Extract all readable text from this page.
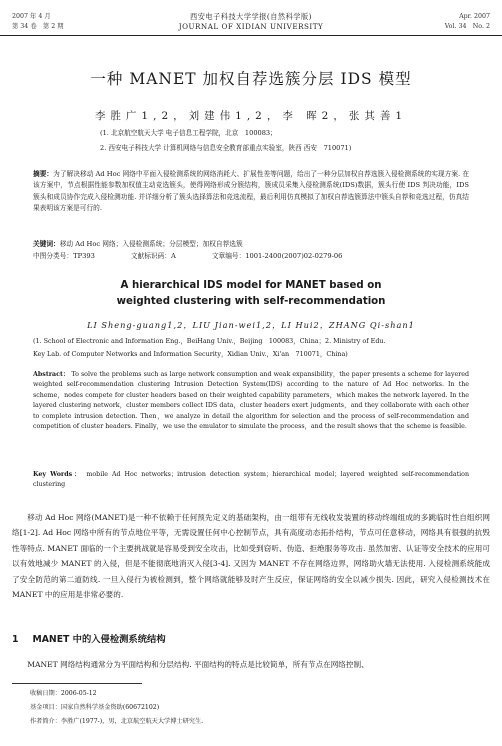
2007 年 4 月
第 34 卷　第 2 期
西安电子科技大学学报(自然科学版)
JOURNAL OF XIDIAN UNIVERSITY
Apr. 2007
Vol. 34　No. 2
一种 MANET 加权自荐选簇分层 IDS 模型
李胜广1,2，刘建伟1,2，李 晖2，张其善1
(1. 北京航空航天大学 电子信息工程学院，北京　100083；
2. 西安电子科技大学 计算机网络与信息安全教育部重点实验室，陕西 西安　710071)
摘要：为了解决移动 Ad Hoc 网络中平面入侵检测系统的网络消耗大、扩展性差等问题，给出了一种分层加权自荐选簇入侵检测系统的实现方案. 在该方案中，节点根据性能参数加权值主动竞选簇头，使得网络形成分簇结构，簇成员采集入侵检测系统(IDS)数据，簇头行使 IDS 判决功能，IDS 簇头和成员协作完成入侵检测功能. 并详细分析了簇头选择算法和竞选流程，最后利用仿真模拟了加权自荐选簇算法中簇头自荐和竞选过程，仿真结果表明该方案是可行的.
关键词：移动 Ad Hoc 网络；入侵检测系统；分层模型；加权自荐选簇
中图分类号：TP393	文献标识码：A	文章编号：1001-2400(2007)02-0279-06
A hierarchical IDS model for MANET based on
weighted clustering with self-recommendation
LI Sheng-guang1,2，LIU Jian-wei1,2，LI Hui2，ZHANG Qi-shan1
(1. School of Electronic and Information Eng.，BeiHang Univ.，Beijing　100083，China；2. Ministry of Edu.
Key Lab. of Computer Networks and Information Security，Xidian Univ.，Xi'an　710071，China)
Abstract： To solve the problems such as large network consumption and weak expansibility，the paper presents a scheme for layered weighted self-recommendation clustering Intrusion Detection System(IDS) according to the nature of Ad Hoc networks. In the scheme，nodes compete for cluster headers based on their weighted capability parameters，which makes the network layered. In the layered clustering network，cluster members collect IDS data，cluster headers exert judgments，and they collaborate with each other to complete intrusion detection. Then，we analyze in detail the algorithm for selection and the process of self-recommendation and competition of cluster headers. Finally，we use the emulator to simulate the process，and the result shows that the scheme is feasible.
Key Words： mobile Ad Hoc networks；intrusion detection system；hierarchical model；layered weighted self-recommendation clustering
移动 Ad Hoc 网络(MANET)是一种不依赖于任何预先定义的基础架构，由一组带有无线收发装置的移动终端组成的多跳临时性自组织网络[1-2]. Ad Hoc 网络中所有的节点地位平等，无需设置任何中心控制节点，具有高度动态拓扑结构，节点可任意移动，网络具有很强的抗毁性等特点. MANET 面临的一个主要挑战就是容易受到安全攻击，比如受到窃听、伪造、拒绝服务等攻击. 虽然加密、认证等安全技术的应用可以有效地减少 MANET 的入侵，但是不能彻底地消灭入侵[3-4]. 又因为 MANET 不存在网络边界，网络助火墙无法使用. 入侵检测系统能成了安全防范的第二道防线. 一旦入侵行为被检测到，整个网络就能够及时产生反应，保证网络的安全以减少损失. 因此，研究入侵检测技术在 MANET 中的应用是非常必要的.
1 MANET 中的入侵检测系统结构
MANET 网络结构通常分为平面结构和分层结构. 平面结构的特点是比较简单，所有节点在网络控制、
收稿日期：2006-05-12
基金项目：国家自然科学基金资助(60672102)
作者简介：李胜广(1977-)，男，北京航空航天大学博士研究生.
